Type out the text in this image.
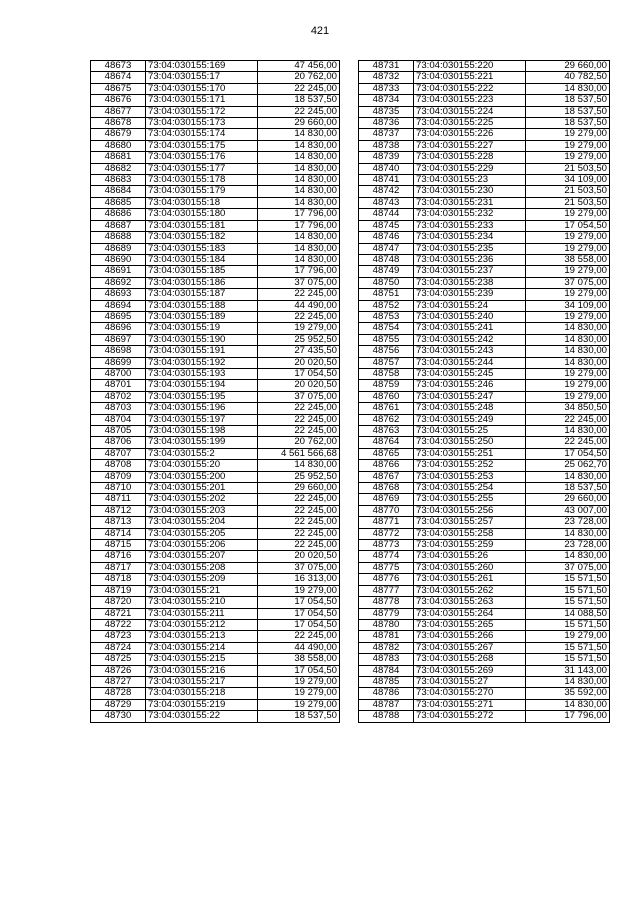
421
48673	73:04:030155:169	47 456,00
48674	73:04:030155:17	20 762,00
48675	73:04:030155:170	22 245,00
48676	73:04:030155:171	18 537,50
48677	73:04:030155:172	22 245,00
48678	73:04:030155:173	29 660,00
48679	73:04:030155:174	14 830,00
48680	73:04:030155:175	14 830,00
48681	73:04:030155:176	14 830,00
48682	73:04:030155:177	14 830,00
48683	73:04:030155:178	14 830,00
48684	73:04:030155:179	14 830,00
48685	73:04:030155:18	14 830,00
48686	73:04:030155:180	17 796,00
48687	73:04:030155:181	17 796,00
48688	73:04:030155:182	14 830,00
48689	73:04:030155:183	14 830,00
48690	73:04:030155:184	14 830,00
48691	73:04:030155:185	17 796,00
48692	73:04:030155:186	37 075,00
48693	73:04:030155:187	22 245,00
48694	73:04:030155:188	44 490,00
48695	73:04:030155:189	22 245,00
48696	73:04:030155:19	19 279,00
48697	73:04:030155:190	25 952,50
48698	73:04:030155:191	27 435,50
48699	73:04:030155:192	20 020,50
48700	73:04:030155:193	17 054,50
48701	73:04:030155:194	20 020,50
48702	73:04:030155:195	37 075,00
48703	73:04:030155:196	22 245,00
48704	73:04:030155:197	22 245,00
48705	73:04:030155:198	22 245,00
48706	73:04:030155:199	20 762,00
48707	73:04:030155:2	4 561 566,68
48708	73:04:030155:20	14 830,00
48709	73:04:030155:200	25 952,50
48710	73:04:030155:201	29 660,00
48711	73:04:030155:202	22 245,00
48712	73:04:030155:203	22 245,00
48713	73:04:030155:204	22 245,00
48714	73:04:030155:205	22 245,00
48715	73:04:030155:206	22 245,00
48716	73:04:030155:207	20 020,50
48717	73:04:030155:208	37 075,00
48718	73:04:030155:209	16 313,00
48719	73:04:030155:21	19 279,00
48720	73:04:030155:210	17 054,50
48721	73:04:030155:211	17 054,50
48722	73:04:030155:212	17 054,50
48723	73:04:030155:213	22 245,00
48724	73:04:030155:214	44 490,00
48725	73:04:030155:215	38 558,00
48726	73:04:030155:216	17 054,50
48727	73:04:030155:217	19 279,00
48728	73:04:030155:218	19 279,00
48729	73:04:030155:219	19 279,00
48730	73:04:030155:22	18 537,50
48731	73:04:030155:220	29 660,00
48732	73:04:030155:221	40 782,50
48733	73:04:030155:222	14 830,00
48734	73:04:030155:223	18 537,50
48735	73:04:030155:224	18 537,50
48736	73:04:030155:225	18 537,50
48737	73:04:030155:226	19 279,00
48738	73:04:030155:227	19 279,00
48739	73:04:030155:228	19 279,00
48740	73:04:030155:229	21 503,50
48741	73:04:030155:23	34 109,00
48742	73:04:030155:230	21 503,50
48743	73:04:030155:231	21 503,50
48744	73:04:030155:232	19 279,00
48745	73:04:030155:233	17 054,50
48746	73:04:030155:234	19 279,00
48747	73:04:030155:235	19 279,00
48748	73:04:030155:236	38 558,00
48749	73:04:030155:237	19 279,00
48750	73:04:030155:238	37 075,00
48751	73:04:030155:239	19 279,00
48752	73:04:030155:24	34 109,00
48753	73:04:030155:240	19 279,00
48754	73:04:030155:241	14 830,00
48755	73:04:030155:242	14 830,00
48756	73:04:030155:243	14 830,00
48757	73:04:030155:244	14 830,00
48758	73:04:030155:245	19 279,00
48759	73:04:030155:246	19 279,00
48760	73:04:030155:247	19 279,00
48761	73:04:030155:248	34 850,50
48762	73:04:030155:249	22 245,00
48763	73:04:030155:25	14 830,00
48764	73:04:030155:250	22 245,00
48765	73:04:030155:251	17 054,50
48766	73:04:030155:252	25 062,70
48767	73:04:030155:253	14 830,00
48768	73:04:030155:254	18 537,50
48769	73:04:030155:255	29 660,00
48770	73:04:030155:256	43 007,00
48771	73:04:030155:257	23 728,00
48772	73:04:030155:258	14 830,00
48773	73:04:030155:259	23 728,00
48774	73:04:030155:26	14 830,00
48775	73:04:030155:260	37 075,00
48776	73:04:030155:261	15 571,50
48777	73:04:030155:262	15 571,50
48778	73:04:030155:263	15 571,50
48779	73:04:030155:264	14 088,50
48780	73:04:030155:265	15 571,50
48781	73:04:030155:266	19 279,00
48782	73:04:030155:267	15 571,50
48783	73:04:030155:268	15 571,50
48784	73:04:030155:269	31 143,00
48785	73:04:030155:27	14 830,00
48786	73:04:030155:270	35 592,00
48787	73:04:030155:271	14 830,00
48788	73:04:030155:272	17 796,00
